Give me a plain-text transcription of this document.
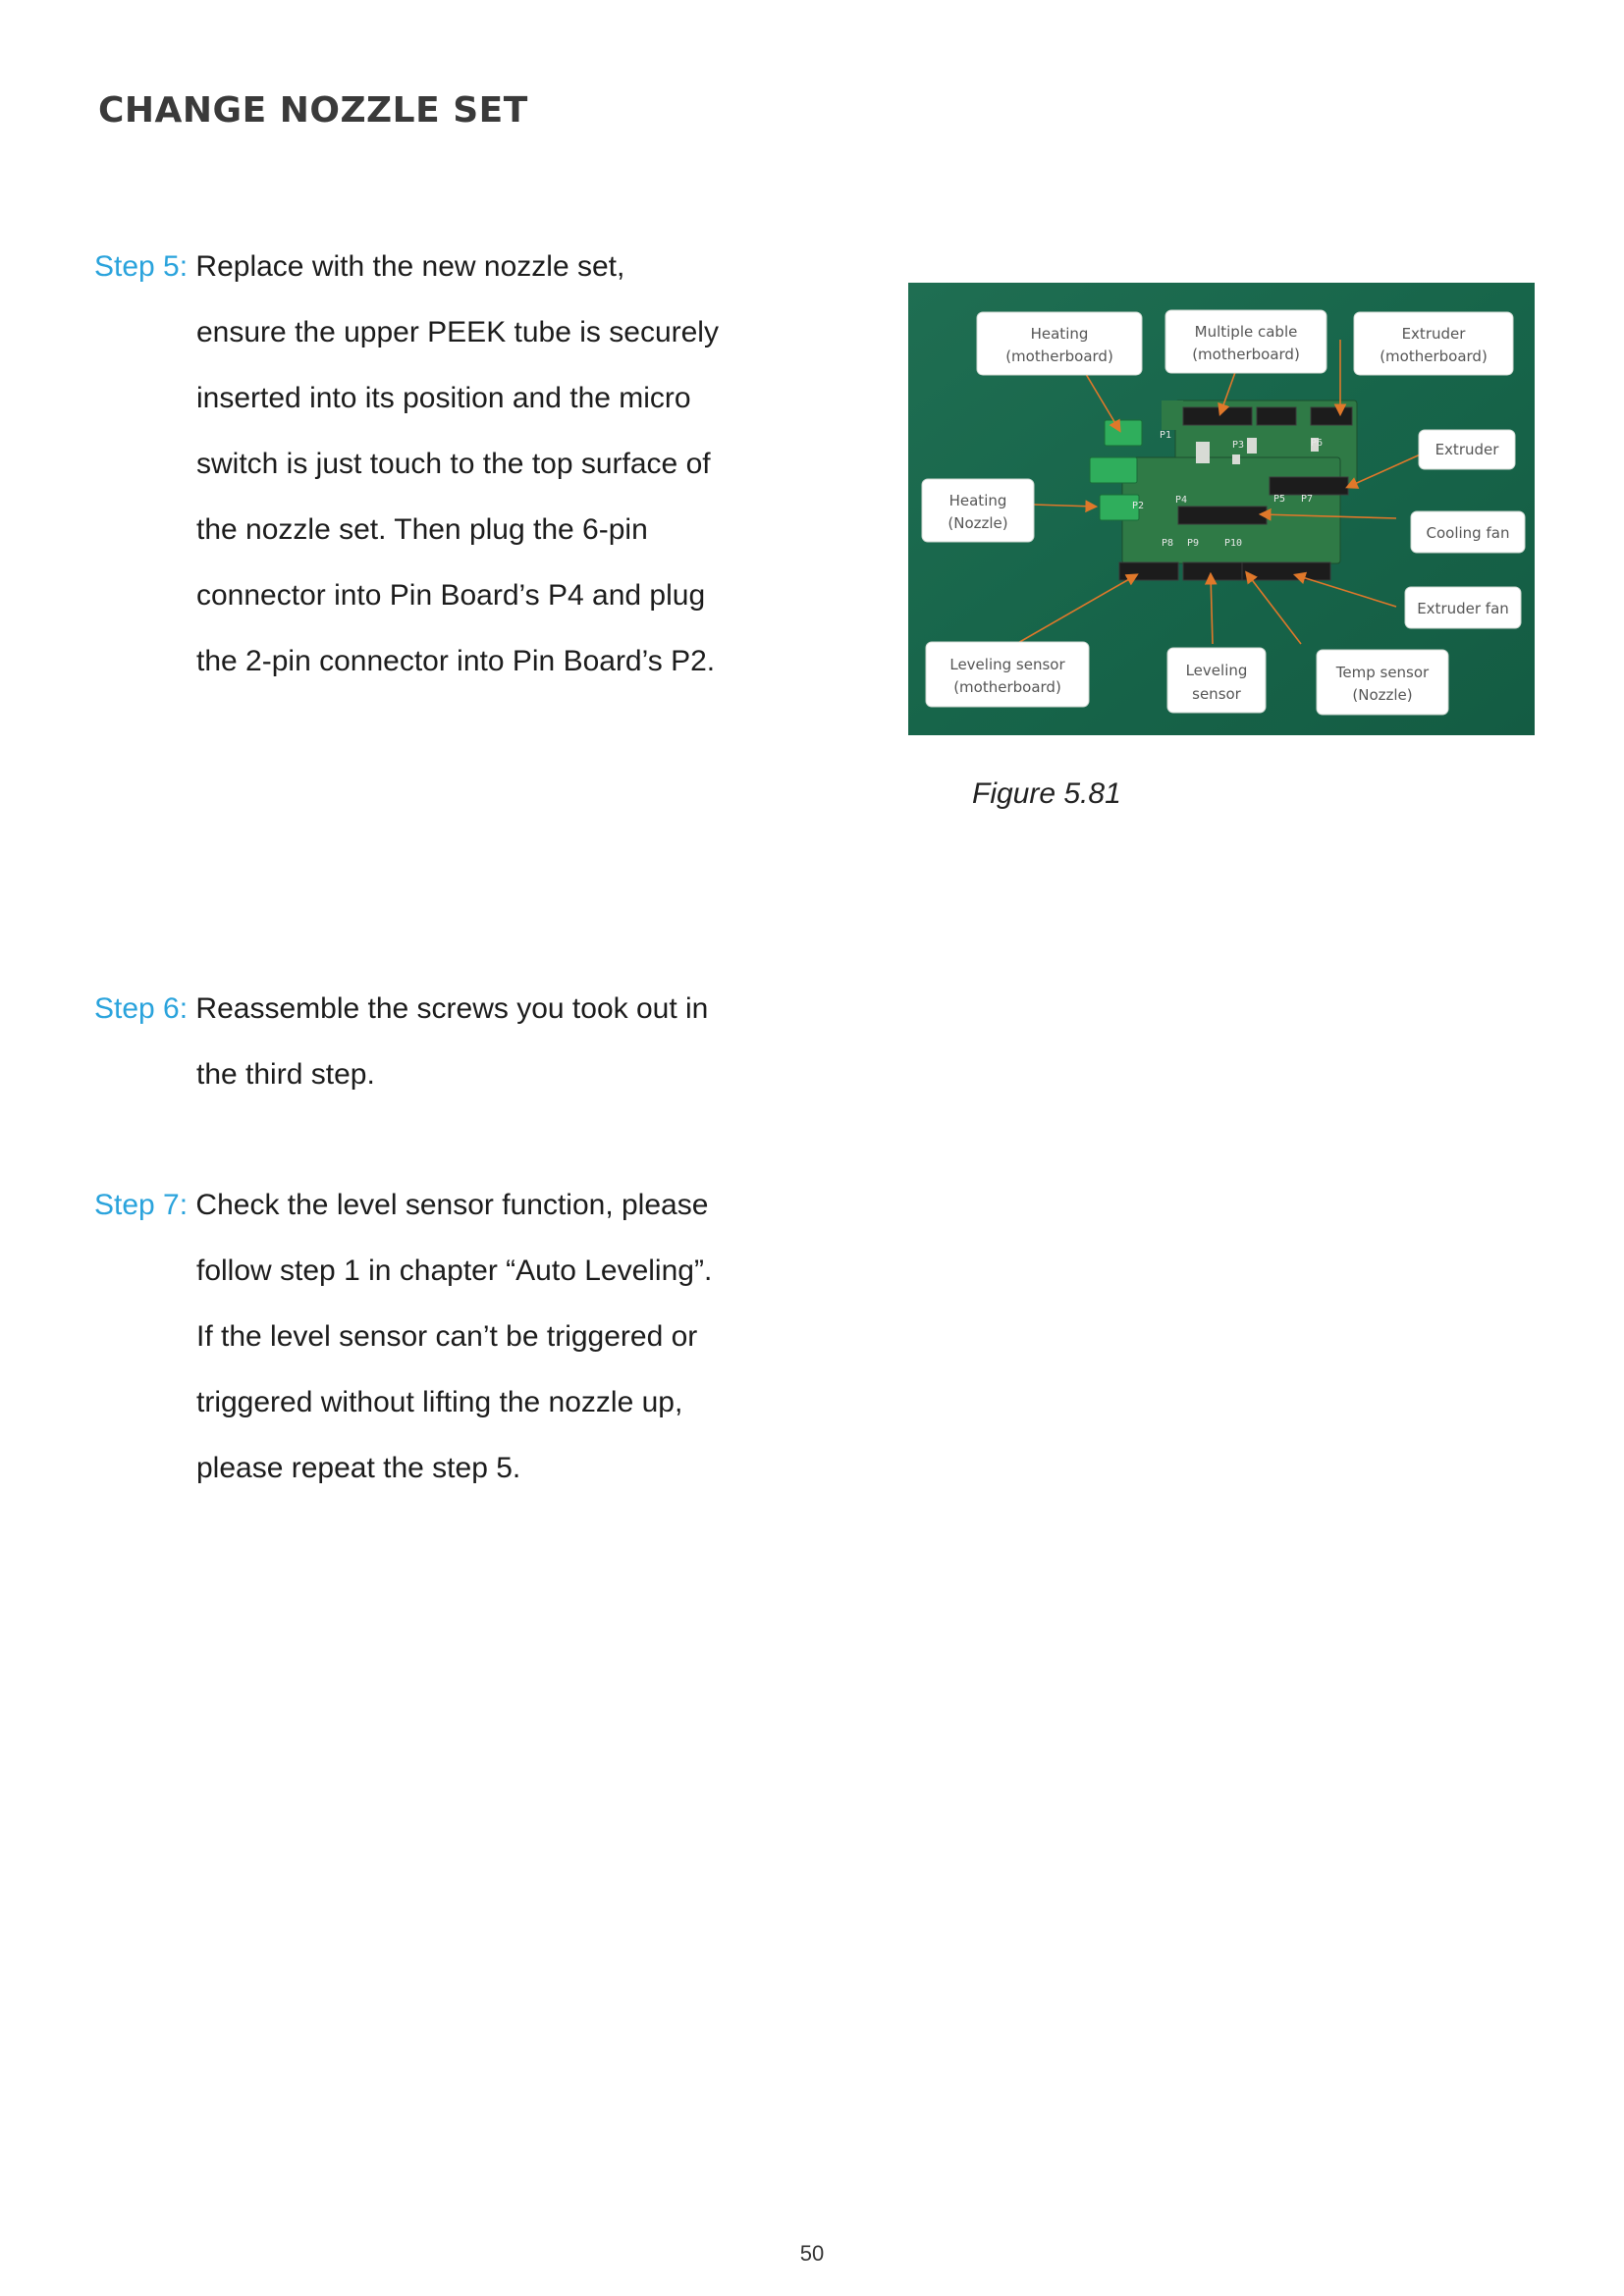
CHANGE NOZZLE SET

Step 5: Replace with the new nozzle set,

ensure the upper PEEK tube is securely

inserted into its position and the micro

switch is just touch to the top surface of

the nozzle set. Then plug the 6-pin

connector into Pin Board’s P4 and plug

the 2-pin connector into Pin Board’s P2.

P1
P2
P3
P4	P5
P6
P7
P8 P9	P10
Heating
(motherboard)
Multiple cable
(motherboard)
Extruder
(motherboard)
Extruder
Heating
(Nozzle)
Cooling fan
Extruder fan
Leveling sensor
(motherboard)
Leveling
sensor
Temp sensor
(Nozzle)
Figure 5.81

Step 6: Reassemble the screws you took out in

the third step.

Step 7: Check the level sensor function, please

follow step 1 in chapter “Auto Leveling”.

If the level sensor can’t be triggered or

triggered without lifting the nozzle up,

please repeat the step 5.

50
